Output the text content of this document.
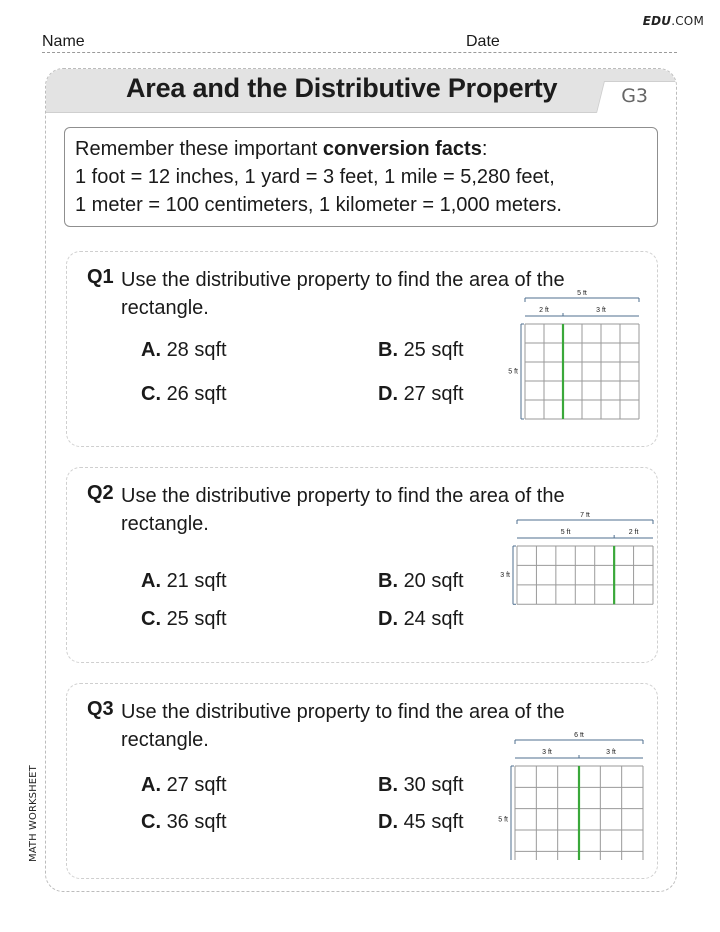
EDU.COM
Name	Date
Area and the Distributive Property	G3
Remember these important conversion facts:
1 foot = 12 inches, 1 yard = 3 feet, 1 mile = 5,280 feet,
1 meter = 100 centimeters, 1 kilometer = 1,000 meters.
Q1 Use the distributive property to find the area of the rectangle.
A. 28 sqft	B. 25 sqft
C. 26 sqft	D. 27 sqft
5 ft
2 ft	3 ft
5 ft
Q2 Use the distributive property to find the area of the rectangle.
A. 21 sqft	B. 20 sqft
C. 25 sqft	D. 24 sqft
7 ft
5 ft	2 ft
3 ft
Q3 Use the distributive property to find the area of the rectangle.
A. 27 sqft	B. 30 sqft
C. 36 sqft	D. 45 sqft
6 ft
3 ft	3 ft
5 ft
MATH WORKSHEET
